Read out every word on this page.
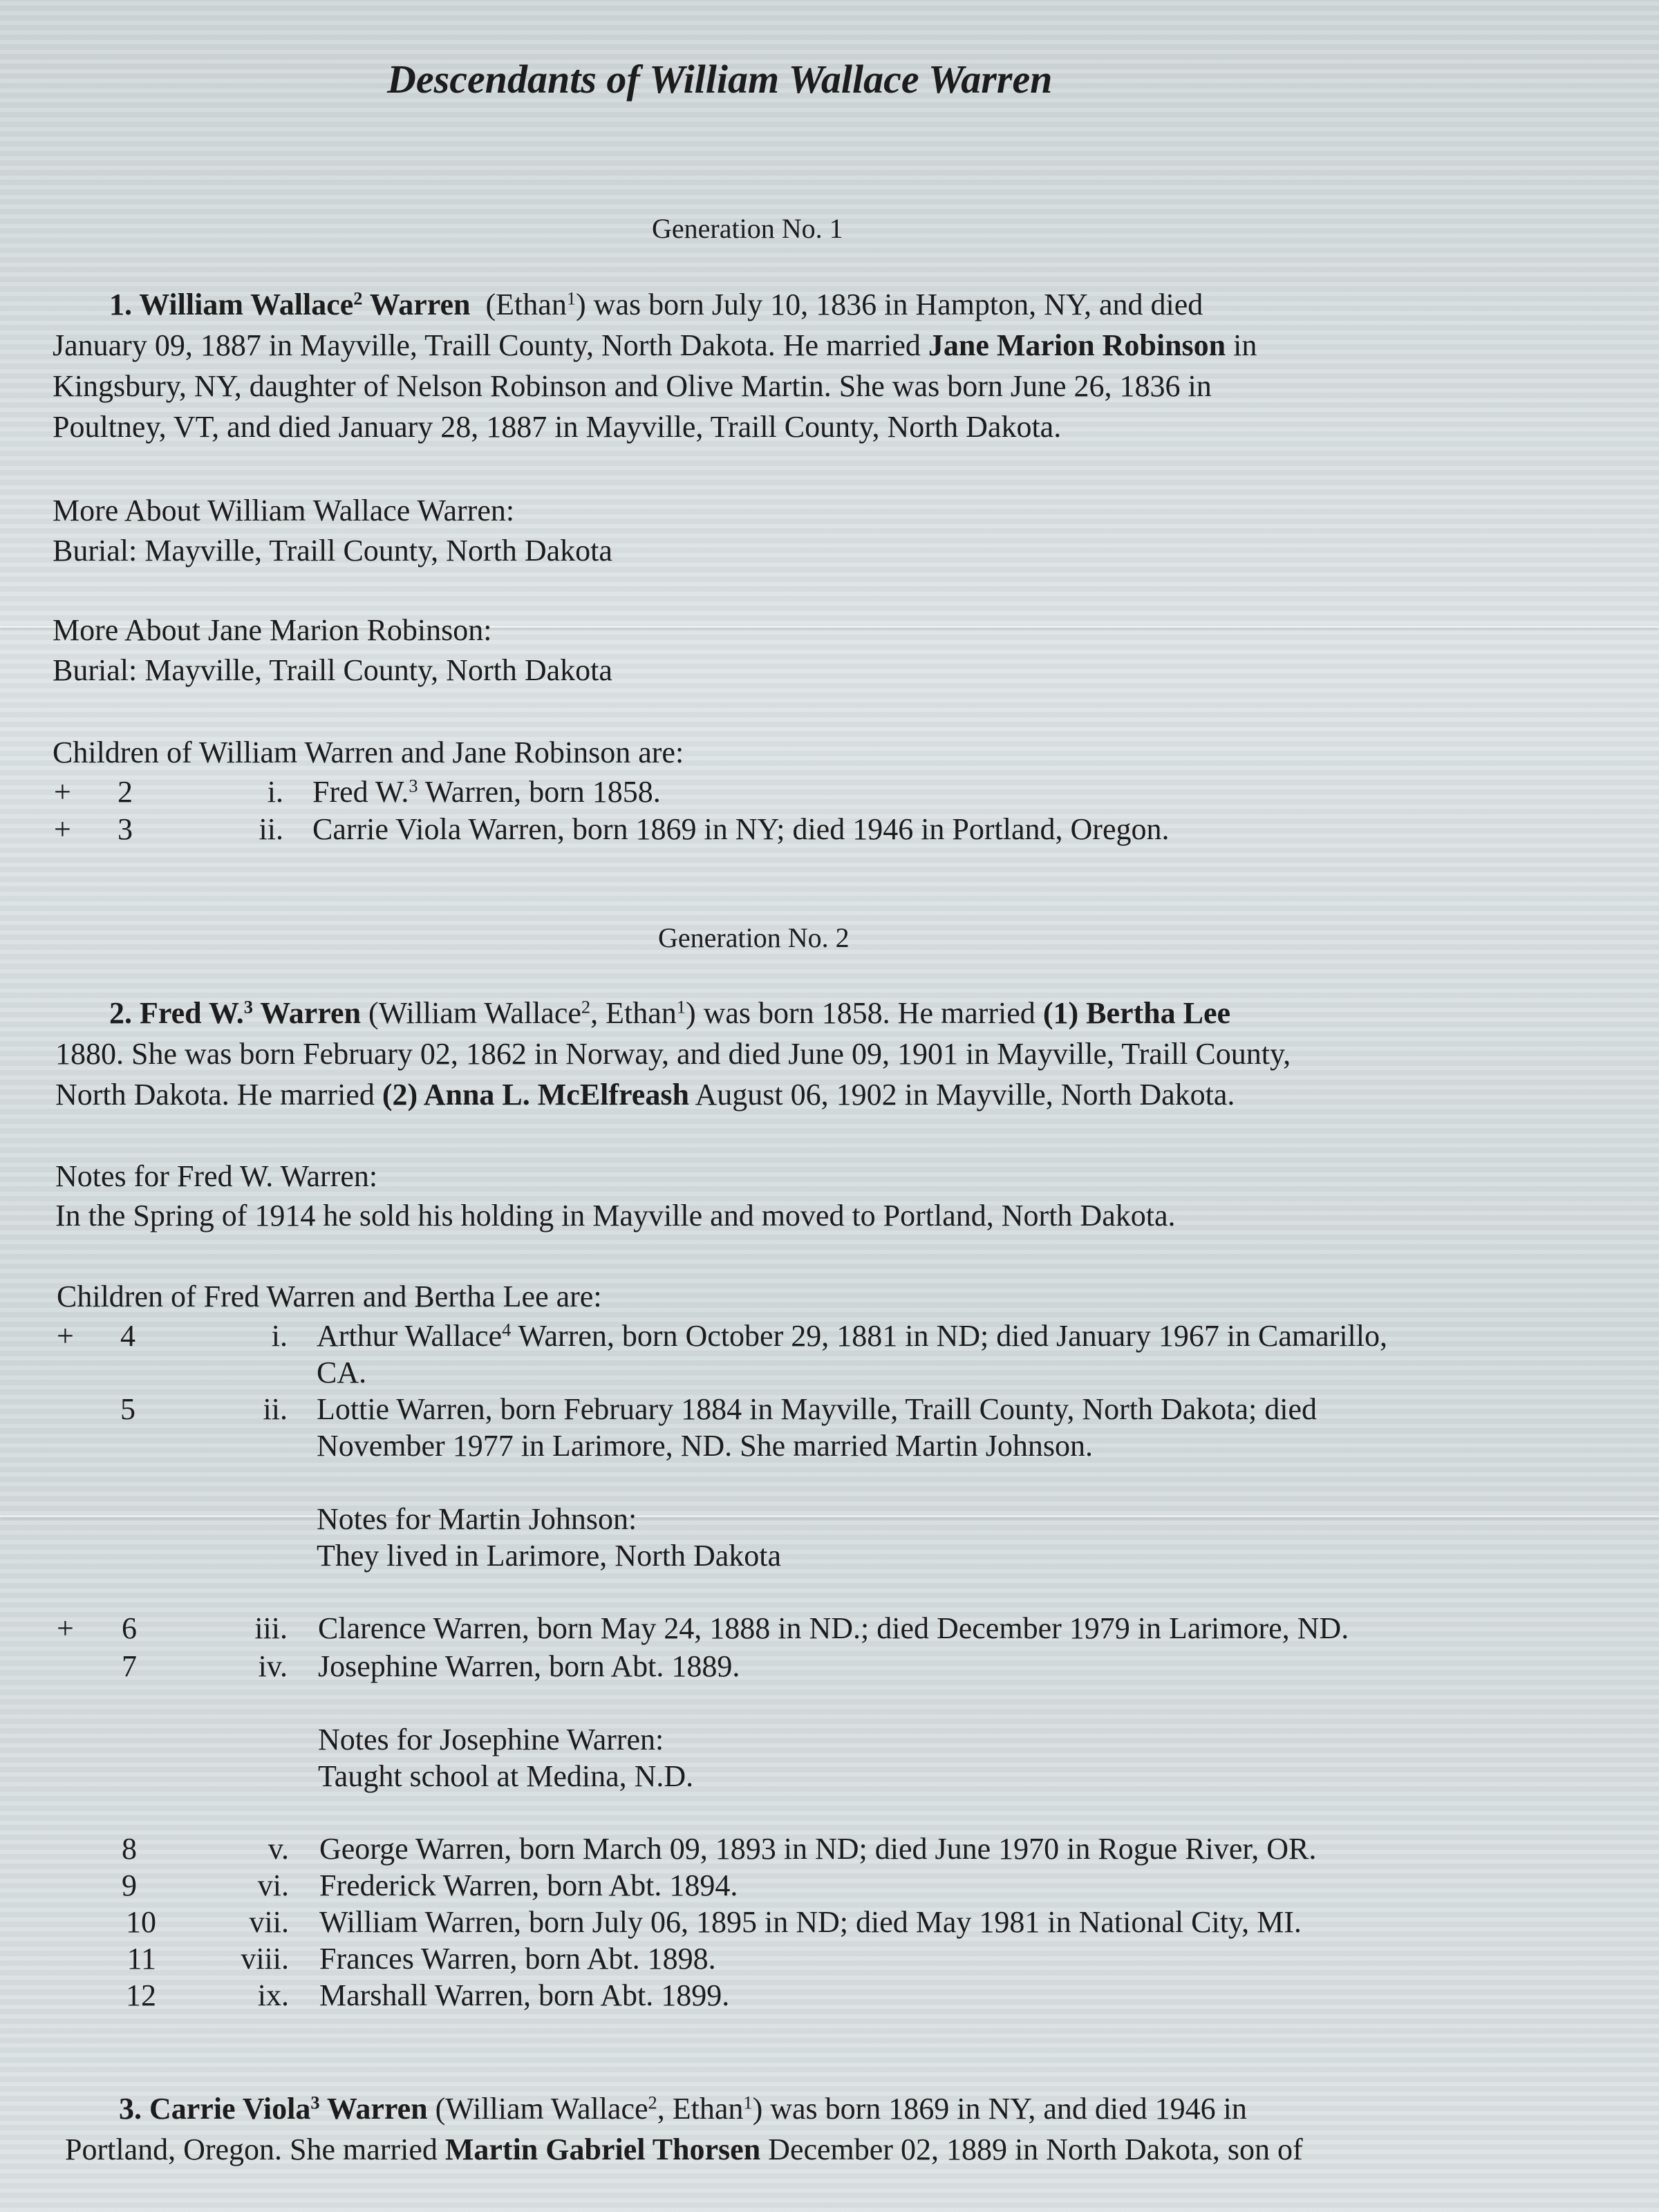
Descendants of William Wallace Warren
Generation No. 1
1. William Wallace$^2$ Warren (Ethan$^1$) was born July 10, 1836 in Hampton, NY, and died
January 09, 1887 in Mayville, Traill County, North Dakota. He married Jane Marion Robinson in
Kingsbury, NY, daughter of Nelson Robinson and Olive Martin. She was born June 26, 1836 in
Poultney, VT, and died January 28, 1887 in Mayville, Traill County, North Dakota.
More About William Wallace Warren:
Burial: Mayville, Traill County, North Dakota
More About Jane Marion Robinson:
Burial: Mayville, Traill County, North Dakota
Children of William Warren and Jane Robinson are:
+	2	i. Fred W.$^3$ Warren, born 1858.
+	3	ii. Carrie Viola Warren, born 1869 in NY; died 1946 in Portland, Oregon.
Generation No. 2
2. Fred W.$^3$ Warren (William Wallace$^2$, Ethan$^1$) was born 1858. He married (1) Bertha Lee
1880. She was born February 02, 1862 in Norway, and died June 09, 1901 in Mayville, Traill County,
North Dakota. He married (2) Anna L. McElfreash August 06, 1902 in Mayville, North Dakota.
Notes for Fred W. Warren:
In the Spring of 1914 he sold his holding in Mayville and moved to Portland, North Dakota.
Children of Fred Warren and Bertha Lee are:
+	4	i. Arthur Wallace$^4$ Warren, born October 29, 1881 in ND; died January 1967 in Camarillo,
CA.
5	ii. Lottie Warren, born February 1884 in Mayville, Traill County, North Dakota; died
November 1977 in Larimore, ND. She married Martin Johnson.
Notes for Martin Johnson:
They lived in Larimore, North Dakota
+	6	iii. Clarence Warren, born May 24, 1888 in ND.; died December 1979 in Larimore, ND.
7	iv. Josephine Warren, born Abt. 1889.
Notes for Josephine Warren:
Taught school at Medina, N.D.
8	v. George Warren, born March 09, 1893 in ND; died June 1970 in Rogue River, OR.
9	vi. Frederick Warren, born Abt. 1894.
10	vii. William Warren, born July 06, 1895 in ND; died May 1981 in National City, MI.
11	viii. Frances Warren, born Abt. 1898.
12	ix. Marshall Warren, born Abt. 1899.
3. Carrie Viola$^3$ Warren (William Wallace$^2$, Ethan$^1$) was born 1869 in NY, and died 1946 in
Portland, Oregon. She married Martin Gabriel Thorsen December 02, 1889 in North Dakota, son of
